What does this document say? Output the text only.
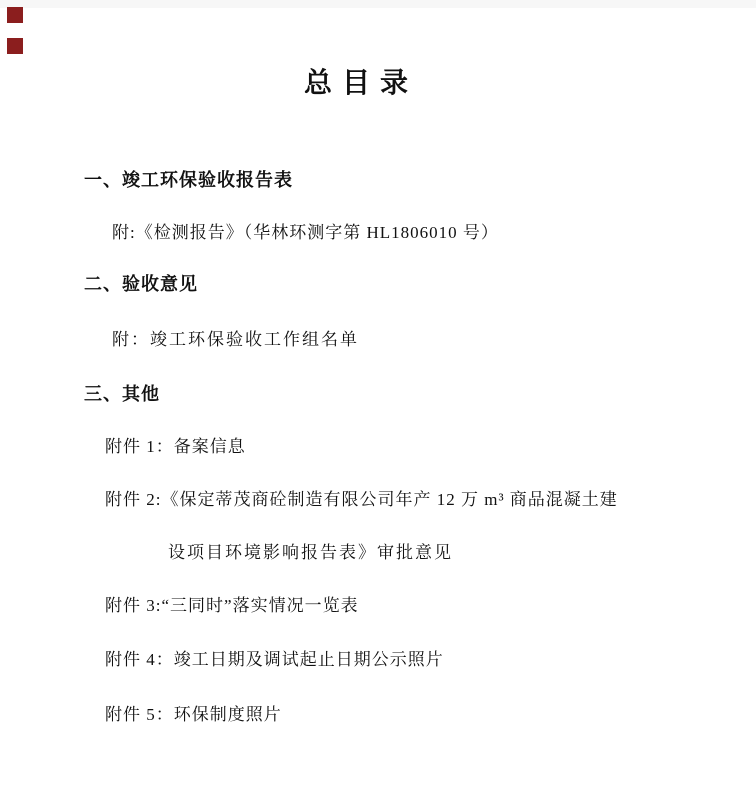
总目录
一、竣工环保验收报告表
附:《检测报告》（华林环测字第 HL1806010 号）
二、验收意见
附：竣工环保验收工作组名单
三、其他
附件 1：备案信息
附件 2:《保定蒂茂商砼制造有限公司年产 12 万 m³ 商品混凝土建
设项目环境影响报告表》审批意见
附件 3:“三同时”落实情况一览表
附件 4：竣工日期及调试起止日期公示照片
附件 5：环保制度照片
